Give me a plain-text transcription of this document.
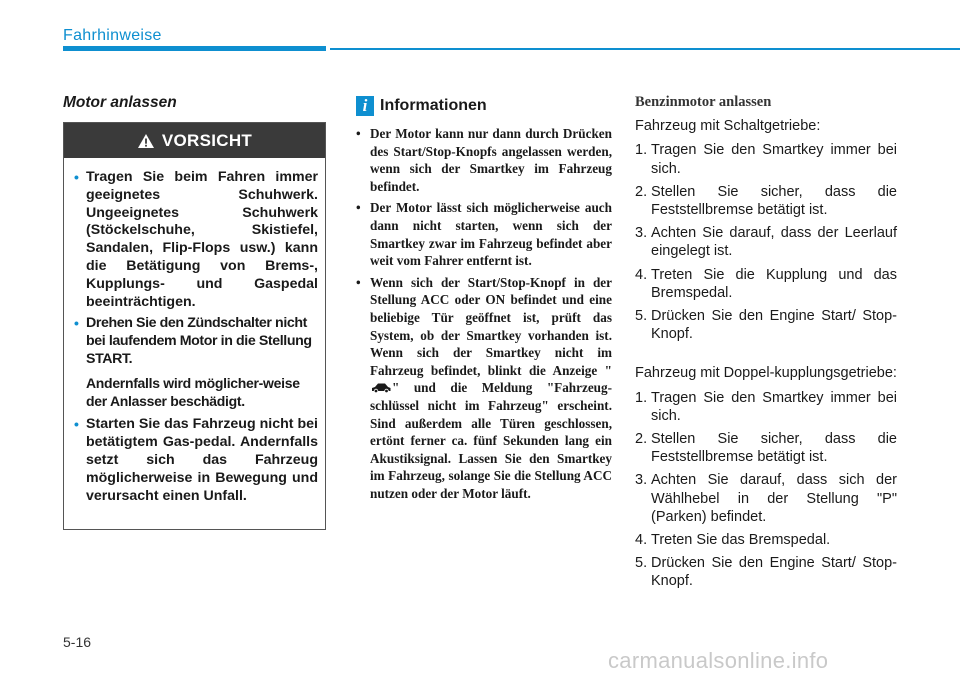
Fahrhinweise
Motor anlassen
VORSICHT
• Tragen Sie beim Fahren immer geeignetes Schuhwerk. Ungeeignetes Schuhwerk (Stöckelschuhe, Skistiefel, Sandalen, Flip-Flops usw.) kann die Betätigung von Brems-, Kupplungs- und Gaspedal beeinträchtigen.
• Drehen Sie den Zündschalter nicht bei laufendem Motor in die Stellung START.
Andernfalls wird möglicher-weise der Anlasser beschädigt.
• Starten Sie das Fahrzeug nicht bei betätigtem Gas-pedal. Andernfalls setzt sich das Fahrzeug möglicherweise in Bewegung und verursacht einen Unfall.
i Informationen
• Der Motor kann nur dann durch Drücken des Start/Stop-Knopfs angelassen werden, wenn sich der Smartkey im Fahrzeug befindet.
• Der Motor lässt sich möglicherweise auch dann nicht starten, wenn sich der Smartkey zwar im Fahrzeug befindet aber weit vom Fahrer entfernt ist.
• Wenn sich der Start/Stop-Knopf in der Stellung ACC oder ON befindet und eine beliebige Tür geöffnet ist, prüft das System, ob der Smartkey vorhanden ist. Wenn sich der Smartkey nicht im Fahrzeug befindet, blinkt die Anzeige "" und die Meldung "Fahrzeug-schlüssel nicht im Fahrzeug" erscheint. Sind außerdem alle Türen geschlossen, ertönt ferner ca. fünf Sekunden lang ein Akustiksignal. Lassen Sie den Smartkey im Fahrzeug, solange Sie die Stellung ACC nutzen oder der Motor läuft.
Benzinmotor anlassen

Fahrzeug mit Schaltgetriebe:

1. Tragen Sie den Smartkey immer bei sich.
2. Stellen Sie sicher, dass die Feststellbremse betätigt ist.
3. Achten Sie darauf, dass der Leerlauf eingelegt ist.
4. Treten Sie die Kupplung und das Bremspedal.
5. Drücken Sie den Engine Start/ Stop-Knopf.

Fahrzeug mit Doppel-kupplungsgetriebe:

1. Tragen Sie den Smartkey immer bei sich.
2. Stellen Sie sicher, dass die Feststellbremse betätigt ist.
3. Achten Sie darauf, dass sich der Wählhebel in der Stellung "P" (Parken) befindet.
4. Treten Sie das Bremspedal.
5. Drücken Sie den Engine Start/ Stop-Knopf.
5-16
carmanualsonline.info
